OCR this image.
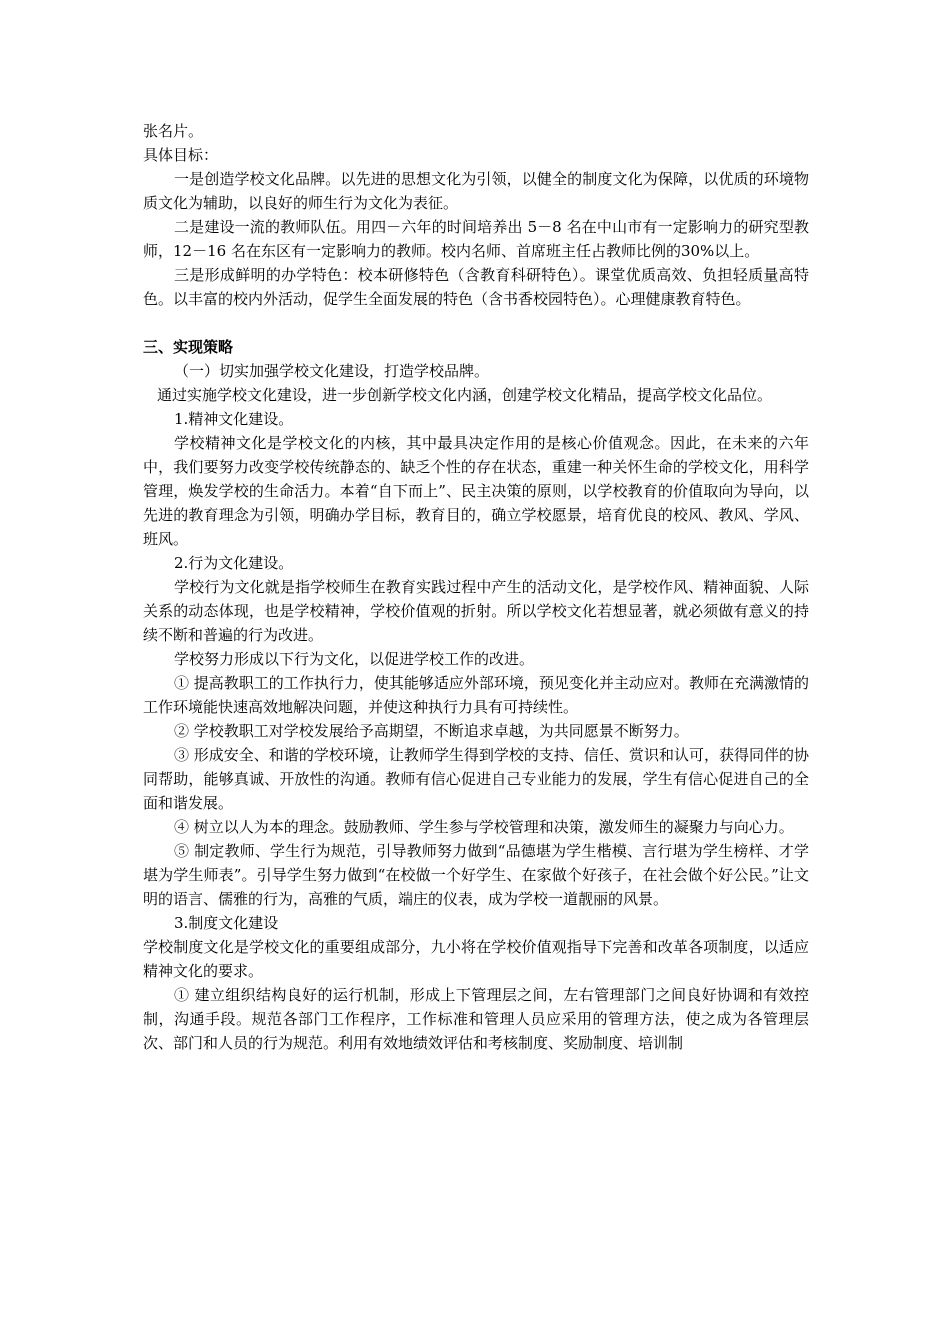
张名片。

具体目标：

一是创造学校文化品牌。以先进的思想文化为引领，以健全的制度文化为保障，以优质的环境物质文化为辅助，以良好的师生行为文化为表征。

二是建设一流的教师队伍。用四－六年的时间培养出 5－8 名在中山市有一定影响力的研究型教师，12－16 名在东区有一定影响力的教师。校内名师、首席班主任占教师比例的30%以上。

三是形成鲜明的办学特色：校本研修特色（含教育科研特色）。课堂优质高效、负担轻质量高特色。以丰富的校内外活动，促学生全面发展的特色（含书香校园特色）。心理健康教育特色。

三、实现策略

（一）切实加强学校文化建设，打造学校品牌。

通过实施学校文化建设，进一步创新学校文化内涵，创建学校文化精品，提高学校文化品位。

1.精神文化建设。

学校精神文化是学校文化的内核，其中最具决定作用的是核心价值观念。因此，在未来的六年中，我们要努力改变学校传统静态的、缺乏个性的存在状态，重建一种关怀生命的学校文化，用科学管理，焕发学校的生命活力。本着“自下而上”、民主决策的原则，以学校教育的价值取向为导向，以先进的教育理念为引领，明确办学目标，教育目的，确立学校愿景，培育优良的校风、教风、学风、班风。

2.行为文化建设。

学校行为文化就是指学校师生在教育实践过程中产生的活动文化，是学校作风、精神面貌、人际关系的动态体现，也是学校精神，学校价值观的折射。所以学校文化若想显著，就必须做有意义的持续不断和普遍的行为改进。

学校努力形成以下行为文化，以促进学校工作的改进。

① 提高教职工的工作执行力，使其能够适应外部环境，预见变化并主动应对。教师在充满激情的工作环境能快速高效地解决问题，并使这种执行力具有可持续性。

② 学校教职工对学校发展给予高期望，不断追求卓越，为共同愿景不断努力。

③ 形成安全、和谐的学校环境，让教师学生得到学校的支持、信任、赏识和认可，获得同伴的协同帮助，能够真诚、开放性的沟通。教师有信心促进自己专业能力的发展，学生有信心促进自己的全面和谐发展。

④ 树立以人为本的理念。鼓励教师、学生参与学校管理和决策，激发师生的凝聚力与向心力。

⑤ 制定教师、学生行为规范，引导教师努力做到“品德堪为学生楷模、言行堪为学生榜样、才学堪为学生师表”。引导学生努力做到“在校做一个好学生、在家做个好孩子，在社会做个好公民。”让文明的语言、儒雅的行为，高雅的气质，端庄的仪表，成为学校一道靓丽的风景。

3.制度文化建设

学校制度文化是学校文化的重要组成部分，九小将在学校价值观指导下完善和改革各项制度，以适应精神文化的要求。

① 建立组织结构良好的运行机制，形成上下管理层之间，左右管理部门之间良好协调和有效控制，沟通手段。规范各部门工作程序，工作标准和管理人员应采用的管理方法，使之成为各管理层次、部门和人员的行为规范。利用有效地绩效评估和考核制度、奖励制度、培训制
